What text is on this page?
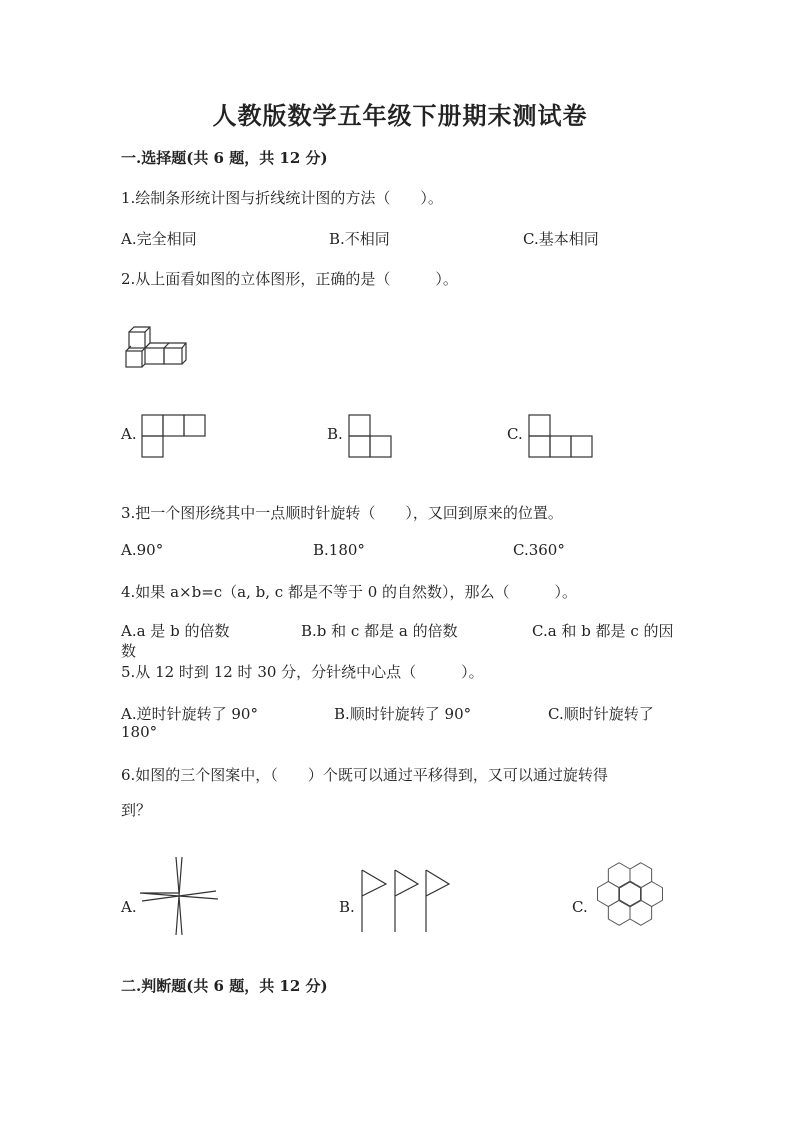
人教版数学五年级下册期末测试卷
一.选择题(共 6 题，共 12 分)
1.绘制条形统计图与折线统计图的方法（　　）。
A.完全相同	B.不相同	C.基本相同
2.从上面看如图的立体图形，正确的是（　　　）。
A.	B.	C.
3.把一个图形绕其中一点顺时针旋转（　　），又回到原来的位置。
A.90°	B.180°	C.360°
4.如果 a×b=c（a, b, c 都是不等于 0 的自然数），那么（　　　）。
A.a 是 b 的倍数	B.b 和 c 都是 a 的倍数	C.a 和 b 都是 c 的因
数
5.从 12 时到 12 时 30 分，分针绕中心点（　　　）。
A.逆时针旋转了 90°	B.顺时针旋转了 90°	C.顺时针旋转了
180°
6.如图的三个图案中，（　　）个既可以通过平移得到，又可以通过旋转得
到？
A.	B.	C.
二.判断题(共 6 题，共 12 分)
